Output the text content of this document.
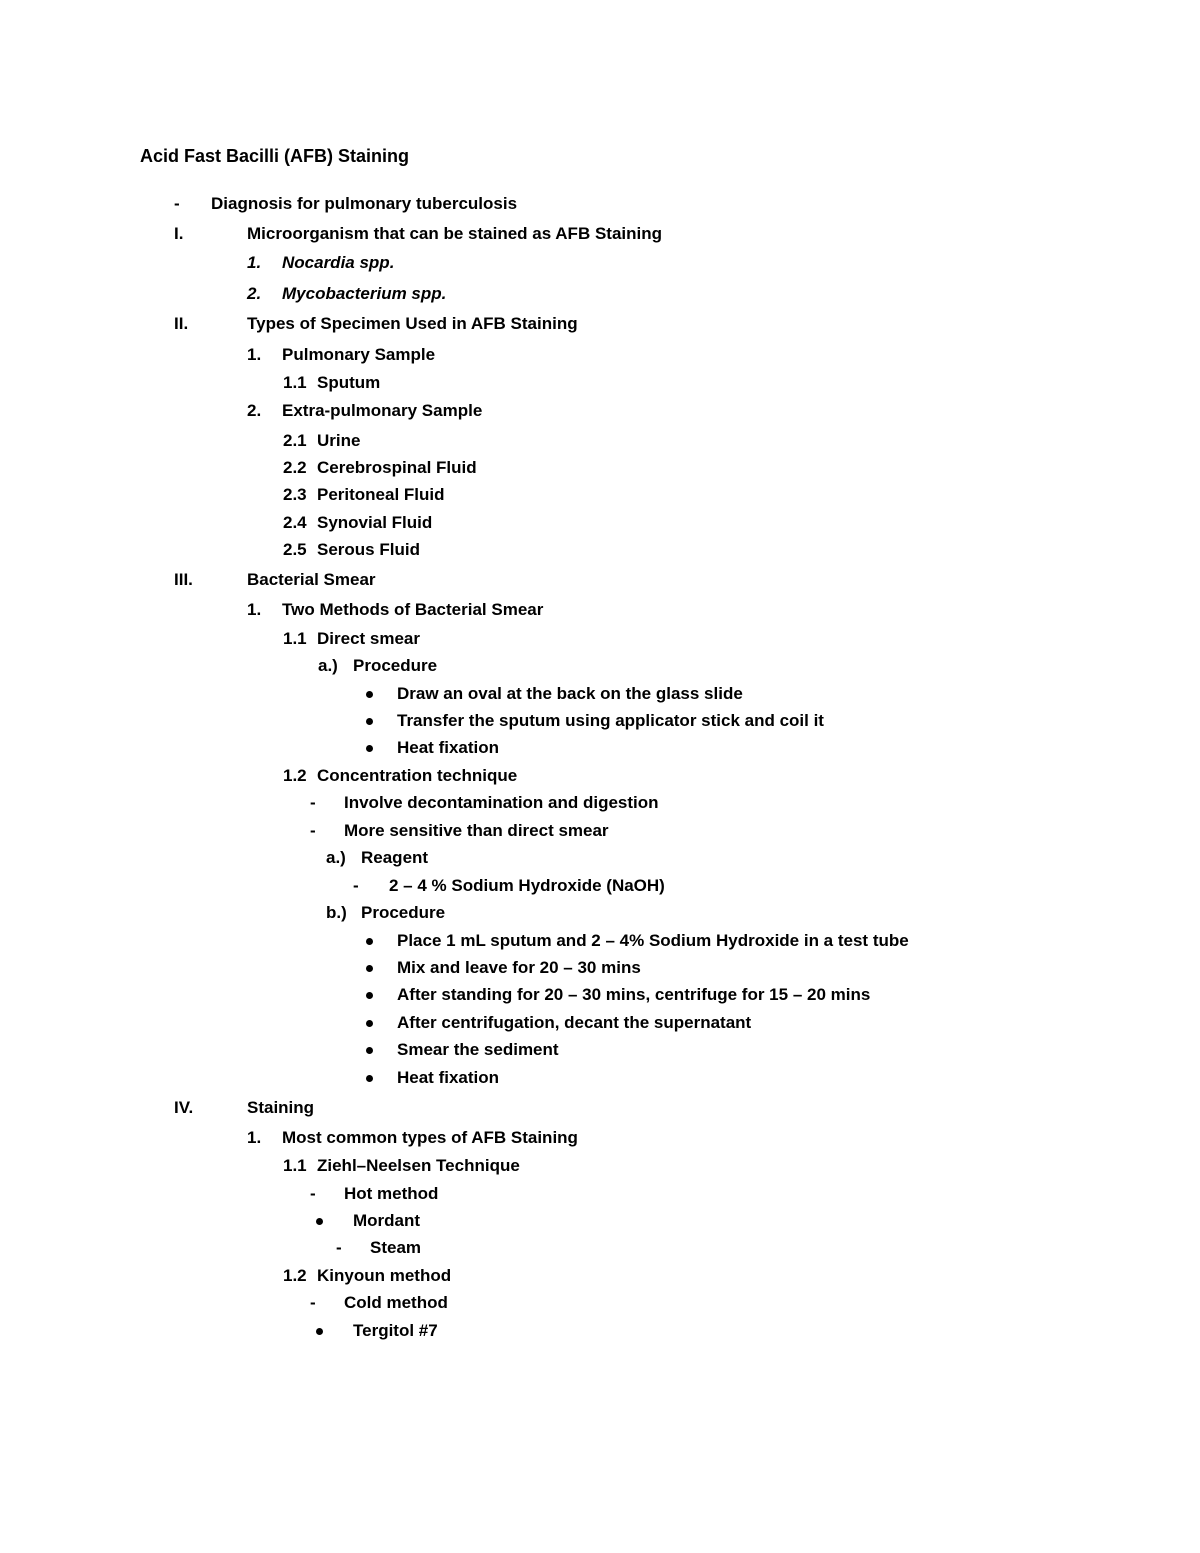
Acid Fast Bacilli (AFB) Staining
- Diagnosis for pulmonary tuberculosis
I.	Microorganism that can be stained as AFB Staining
1. Nocardia spp.
2. Mycobacterium spp.
II.	Types of Specimen Used in AFB Staining
1. Pulmonary Sample
1.1 Sputum
2. Extra-pulmonary Sample
2.1 Urine
2.2 Cerebrospinal Fluid
2.3 Peritoneal Fluid
2.4 Synovial Fluid
2.5 Serous Fluid
III.	Bacterial Smear
1. Two Methods of Bacterial Smear
1.1 Direct smear
a.) Procedure
Draw an oval at the back on the glass slide
Transfer the sputum using applicator stick and coil it
Heat fixation
1.2 Concentration technique
- Involve decontamination and digestion
- More sensitive than direct smear
a.) Reagent
- 2 – 4 % Sodium Hydroxide (NaOH)
b.) Procedure
Place 1 mL sputum and 2 – 4% Sodium Hydroxide in a test tube
Mix and leave for 20 – 30 mins
After standing for 20 – 30 mins, centrifuge for 15 – 20 mins
After centrifugation, decant the supernatant
Smear the sediment
Heat fixation
IV.	Staining
1. Most common types of AFB Staining
1.1 Ziehl–Neelsen Technique
- Hot method
Mordant
- Steam
1.2 Kinyoun method
- Cold method
Tergitol #7
